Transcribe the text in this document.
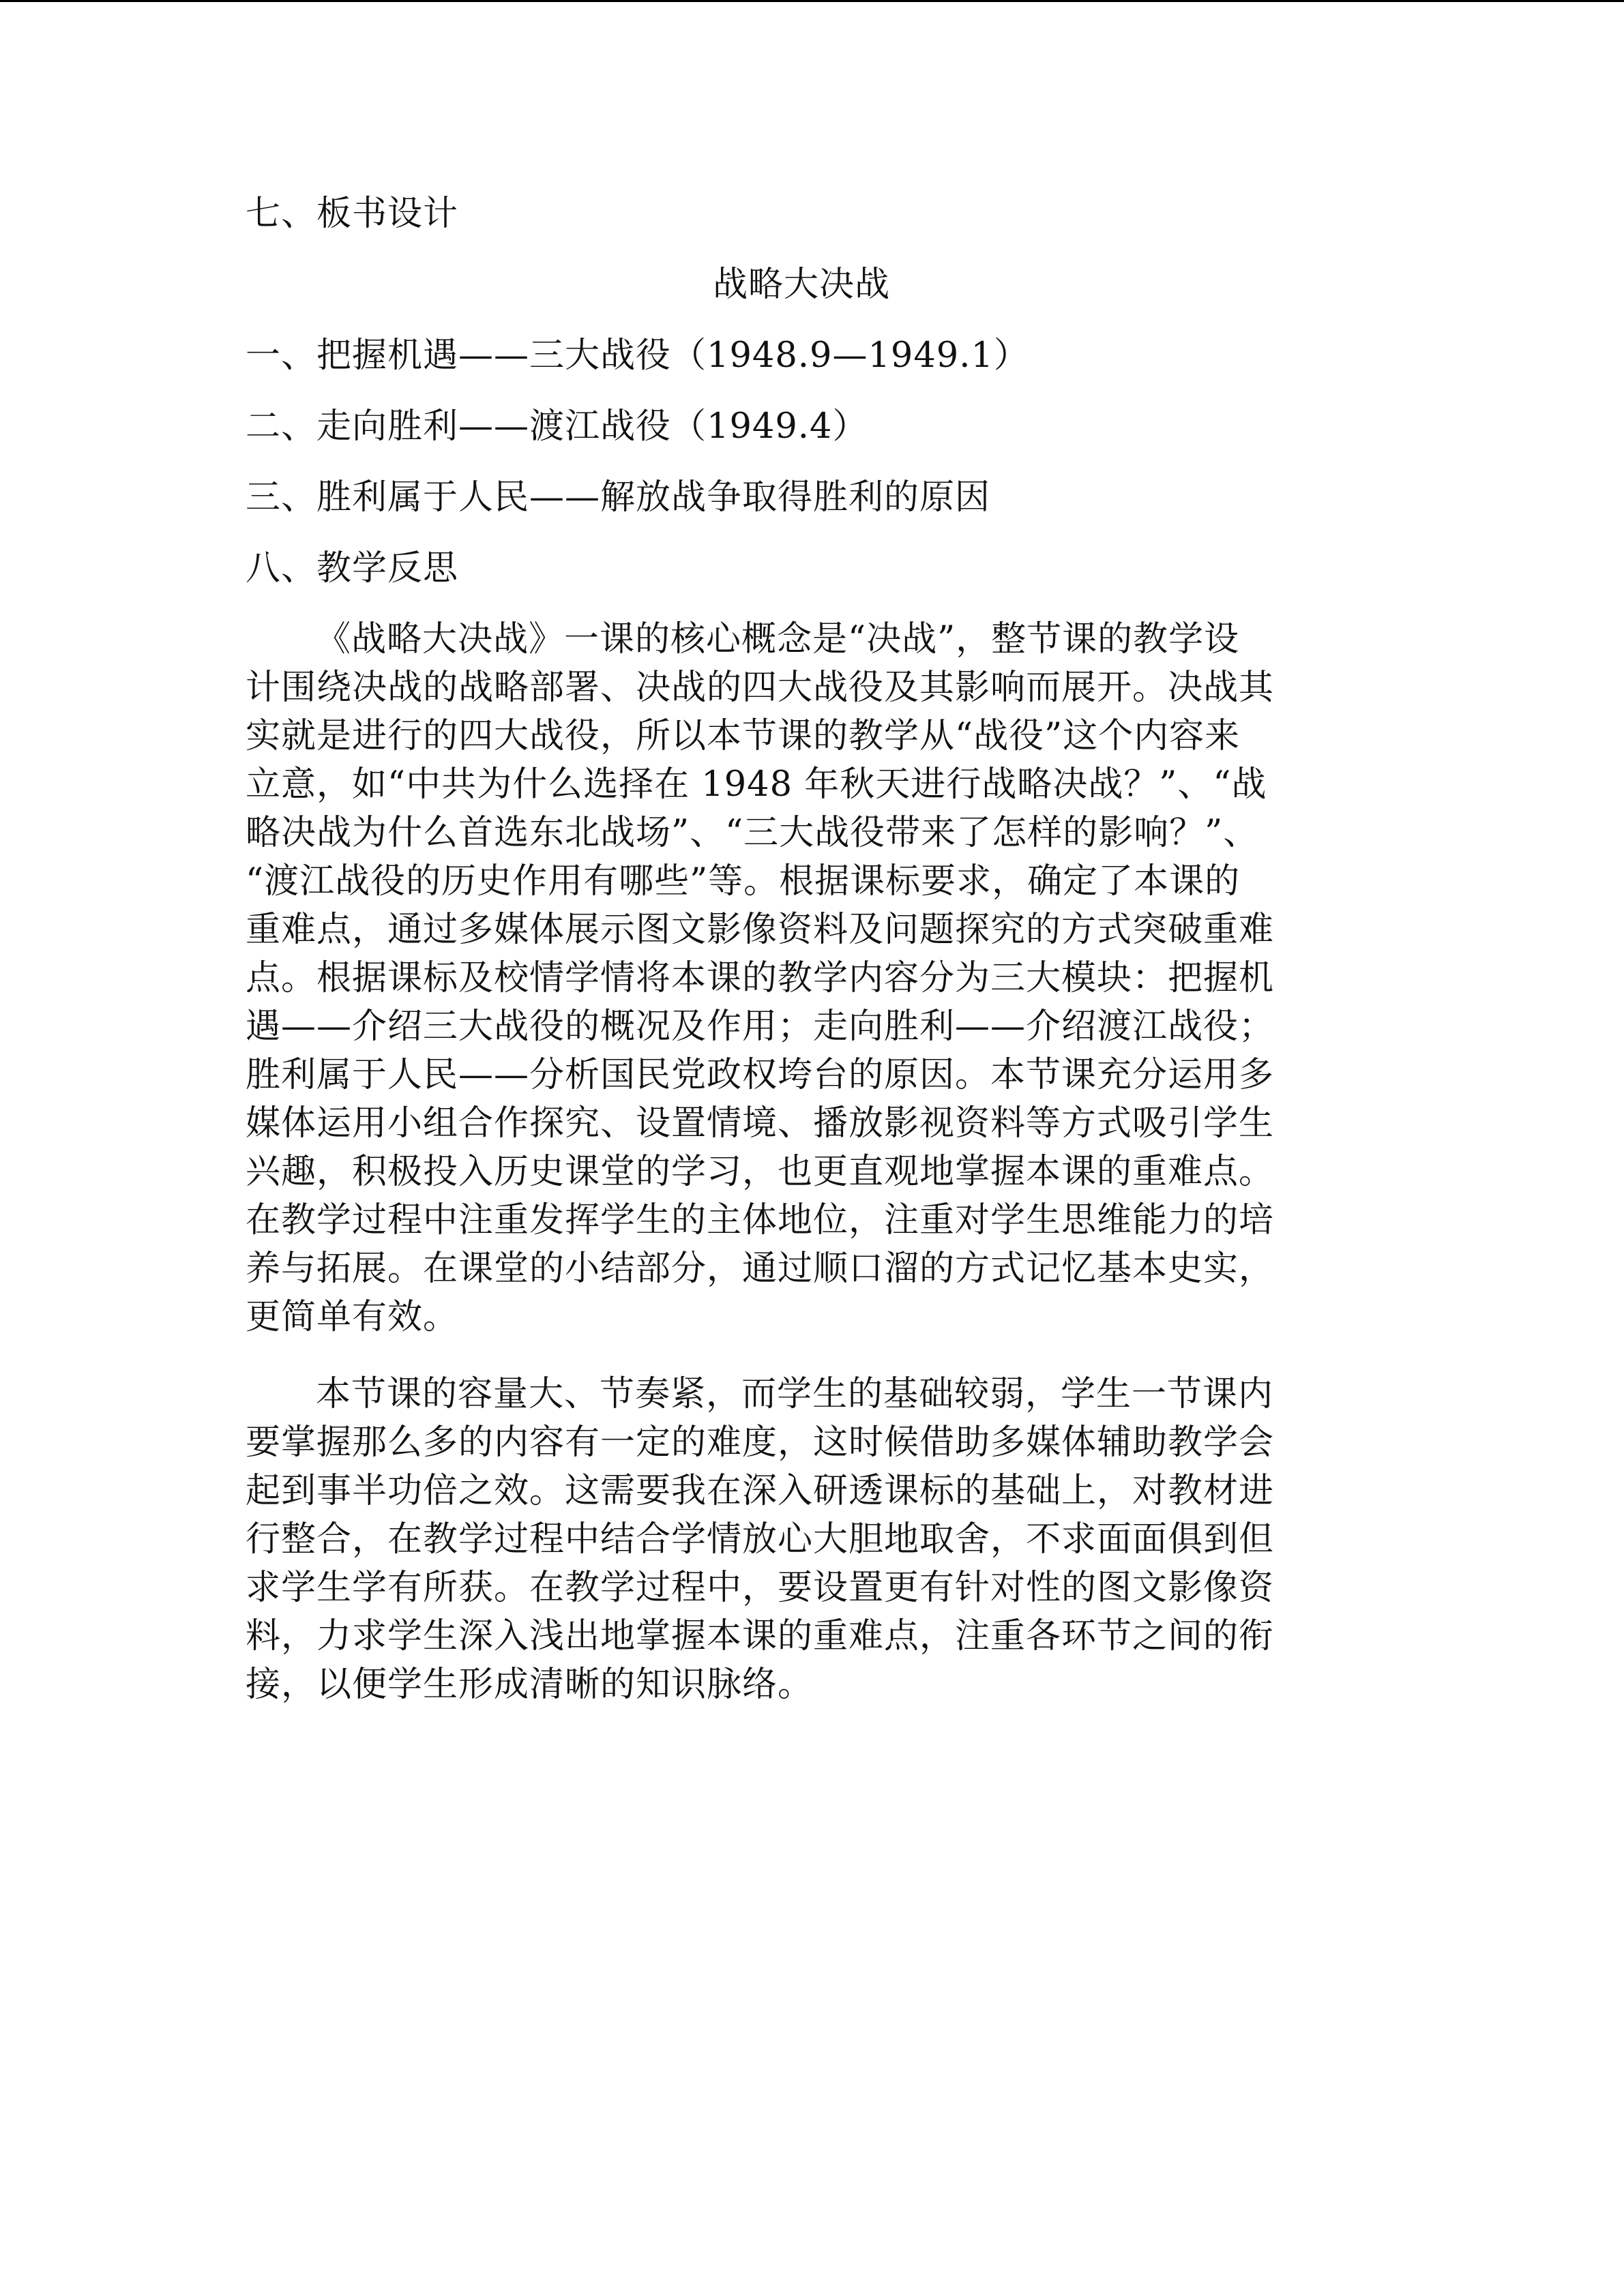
七、板书设计
战略大决战
一、把握机遇——三大战役（1948.9—1949.1）
二、走向胜利——渡江战役（1949.4）
三、胜利属于人民——解放战争取得胜利的原因
八、教学反思

《战略大决战》一课的核心概念是“决战”，整节课的教学设
计围绕决战的战略部署、决战的四大战役及其影响而展开。决战其
实就是进行的四大战役，所以本节课的教学从“战役”这个内容来
立意，如“中共为什么选择在 1948 年秋天进行战略决战？”、“战
略决战为什么首选东北战场”、“三大战役带来了怎样的影响？”、
“渡江战役的历史作用有哪些”等。根据课标要求，确定了本课的
重难点，通过多媒体展示图文影像资料及问题探究的方式突破重难
点。根据课标及校情学情将本课的教学内容分为三大模块：把握机
遇——介绍三大战役的概况及作用；走向胜利——介绍渡江战役；
胜利属于人民——分析国民党政权垮台的原因。本节课充分运用多
媒体运用小组合作探究、设置情境、播放影视资料等方式吸引学生
兴趣，积极投入历史课堂的学习，也更直观地掌握本课的重难点。
在教学过程中注重发挥学生的主体地位，注重对学生思维能力的培
养与拓展。在课堂的小结部分，通过顺口溜的方式记忆基本史实，
更简单有效。

本节课的容量大、节奏紧，而学生的基础较弱，学生一节课内
要掌握那么多的内容有一定的难度，这时候借助多媒体辅助教学会
起到事半功倍之效。这需要我在深入研透课标的基础上，对教材进
行整合，在教学过程中结合学情放心大胆地取舍，不求面面俱到但
求学生学有所获。在教学过程中，要设置更有针对性的图文影像资
料，力求学生深入浅出地掌握本课的重难点，注重各环节之间的衔
接，以便学生形成清晰的知识脉络。
